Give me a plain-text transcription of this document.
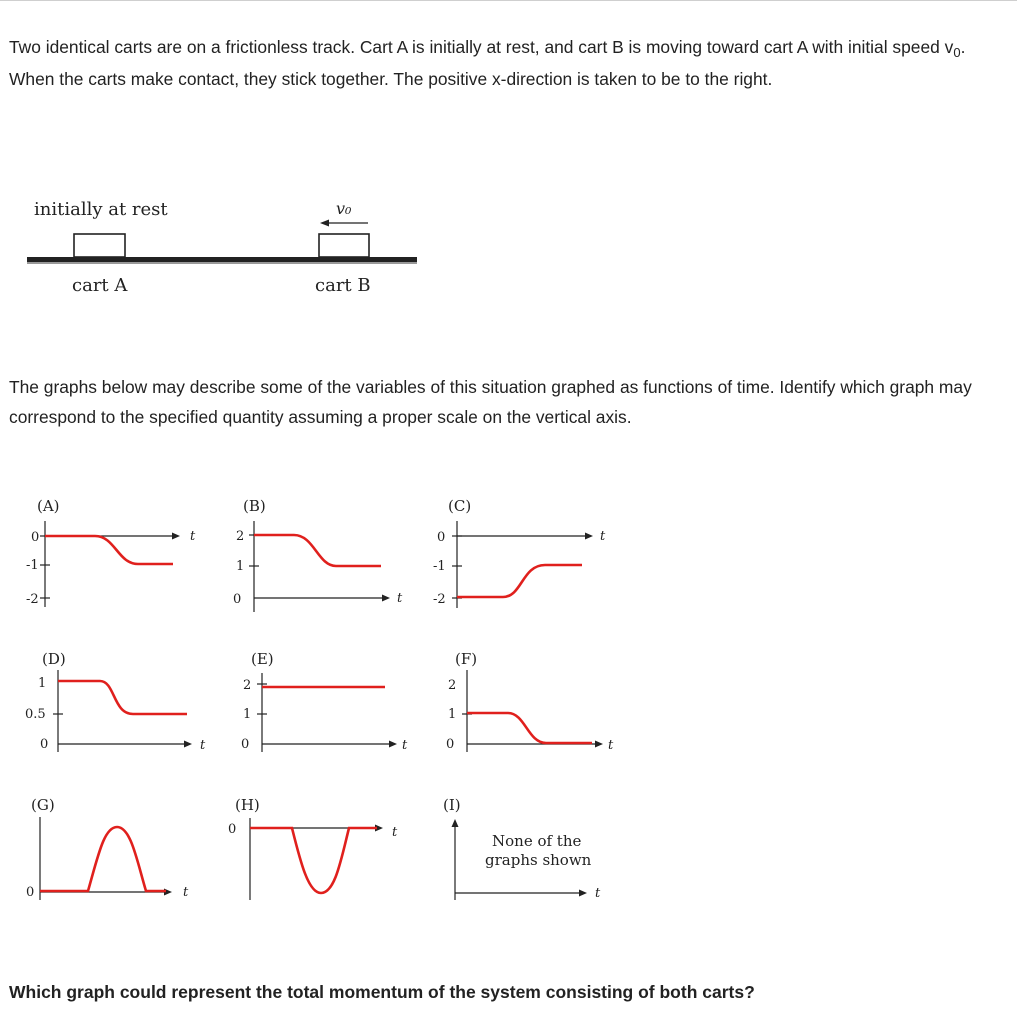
Two identical carts are on a frictionless track. Cart A is initially at rest, and cart B is moving toward cart A with initial speed $v_0$. When the carts make contact, they stick together. The positive x-direction is taken to be to the right.

initially at rest	v₀
cart A	cart B

The graphs below may describe some of the variables of this situation graphed as functions of time. Identify which graph may correspond to the specified quantity assuming a proper scale on the vertical axis.

(A)
0
-1
-2
t
(B)
2
1
0	t
(C)
0
-1
-2
t
(D)
1
0.5
0	t
(E)
2
1
0	t
(F)
2
1
0	t
(G)
0	t
(H)
0	t
(I)
t
None of the
graphs shown

Which graph could represent the total momentum of the system consisting of both carts?
